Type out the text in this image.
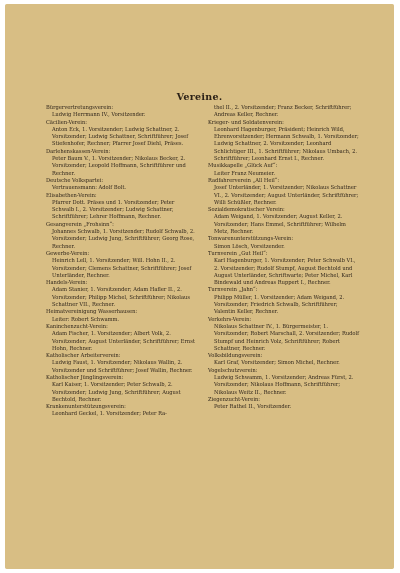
Vereine.
Bürgervertretungsverein:
Ludwig Herrmann IV., Vorsitzender.
Cäcilien-Verein:
Anton Eck, 1. Vorsitzender; Ludwig Schattner, 2. Vorsitzender; Ludwig Schattner, Schriftführer; Josef Stiefenhofer, Rechner; Pfarrer Josef Diehl, Präses.
Darlehenskassen-Verein:
Peter Baum V., 1. Vorsitzender; Nikolaus Becker, 2. Vorsitzender; Leopold Hoffmann, Schriftführer und Rechner.
Deutsche Volkspartei:
Vertrauensmann: Adolf Bolt.
Elisabethen-Verein:
Pfarrer Dott. Präses und 1. Vorsitzender; Peter Schwalb I., 2. Vorsitzender; Ludwig Schattner, Schriftführer; Lehrer Hoffmann, Rechner.
Gesangverein „Frohsinn“:
Johannes Schwalb, 1. Vorsitzender; Rudolf Schwalb, 2. Vorsitzender; Ludwig Jung, Schriftführer; Georg Rose, Rechner.
Gewerbe-Verein:
Heinrich Lell, 1. Vorsitzender; Will. Hohn II., 2. Vorsitzender; Clemens Schattner, Schriftführer; Josef Unterländer, Rechner.
Handels-Verein:
Adam Stanier, 1. Vorsitzender; Adam Hafler II., 2. Vorsitzender; Philipp Michel, Schriftführer; Nikolaus Schattner VII., Rechner.
Heimatvereinigung Wasserhausen:
Leiter: Robert Schwamm.
Kaninchenzucht-Verein:
Adam Fischer, 1. Vorsitzender; Albert Volk, 2. Vorsitzender; August Unterländer, Schriftführer; Ernst Hohn, Rechner.
Katholischer Arbeiterverein:
Ludwig Faust, 1. Vorsitzender; Nikolaus Wallin, 2. Vorsitzender und Schriftführer; Josef Wallin, Rechner.
Katholischer Jünglingsverein:
Karl Kaiser, 1. Vorsitzender; Peter Schwalb, 2. Vorsitzender; Ludwig Jung, Schriftführer; August Bechtold, Rechner.
Krankenunterstützungsverein:
Leonhard Geckel, 1. Vorsitzender; Peter Ra-
thel II., 2. Vorsitzender; Franz Becker, Schriftführer; Andreas Keller, Rechner.
Krieger- und Soldatenverein:
Leonhard Hagenburger, Präsident; Heinrich Wild, Ehrenvorsitzender; Hermann Schwalb, 1. Vorsitzender; Ludwig Schattner, 2. Vorsitzender; Leonhard Schlichtiger III., 1. Schriftführer; Nikolaus Umbach, 2. Schriftführer; Leonhard Ernst I., Rechner.
Musikkapelle „Glück Auf“:
Leiter Franz Neumeier.
Radfahrerverein „All Heil“:
Josef Unterländer, 1. Vorsitzender; Nikolaus Schattner VI., 2. Vorsitzender; August Unterländer, Schriftführer; Willi Schüßler, Rechner.
Sozialdemokratischer Verein:
Adam Weigand, 1. Vorsitzender; August Keller, 2. Vorsitzender; Hans Emmel, Schriftführer; Wilhelm Metz, Rechner.
Tonwarenunterstützungs-Verein:
Simon Lösch, Vorsitzender.
Turnverein „Gut Heil“:
Karl Hagenburger, 1. Vorsitzender; Peter Schwalb VI., 2. Vorsitzender; Rudolf Stumpf, August Bechtold und August Unterländer, Schriftwarte; Peter Michel, Karl Bindewald und Andreas Ruppert I., Rechner.
Turnverein „Jahn“:
Philipp Müller, 1. Vorsitzender; Adam Weigand, 2. Vorsitzender; Friedrich Schwalb, Schriftführer; Valentin Keller, Rechner.
Verkehrs-Verein:
Nikolaus Schattner IV., 1. Bürgermeister, 1. Vorsitzender; Robert Marschall, 2. Vorsitzender; Rudolf Stumpf und Heinrich Volz, Schriftführer; Robert Schattner, Rechner.
Volksbildungsverein:
Karl Graf, Vorsitzender; Simon Michel, Rechner.
Vogelschutzverein:
Ludwig Schwamm, 1. Vorsitzender; Andreas Fürst, 2. Vorsitzender; Nikolaus Hoffmann, Schriftführer; Nikolaus Weitz II., Rechner.
Ziegenzucht-Verein:
Peter Rathel II., Vorsitzender.
